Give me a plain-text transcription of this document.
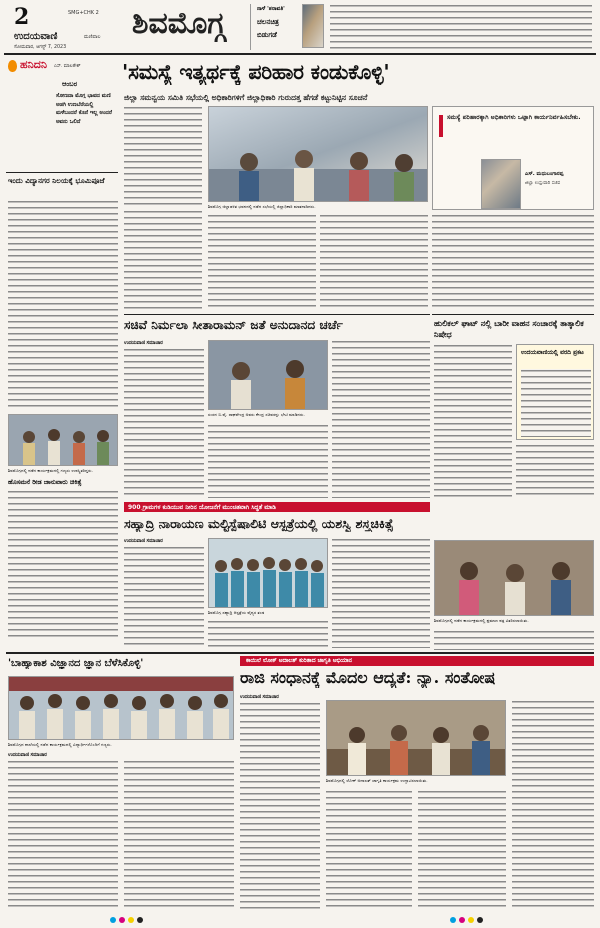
2
ಉದಯವಾಣಿ
SMG+CHK 2
ಮಣಿಪಾಲ
ಸೋಮವಾರ, ಆಗಸ್ಟ್ 7, 2023
ಶಿವಮೊಗ್ಗ	ನಾಳೆ 'ಶರಾವತಿ'
ಚಲನಚಿತ್ರ
ಬಿಡುಗಡೆ
ಹನಿದನಿ ಎಸ್. ಮಾಲತೇಶ್
ಆಂಬರ
ಸೋಣದಾ ಮೊಗ್ಗ ಭಾವದ ಮಣಿ ಅಡಗಿ ಉಣಬೆರೆಯಲ್ಲಿ ಮಳೆಬಂದರೆ ಕೊನೆ ಇಲ್ಲ ಅಂದರೆ ಅವನು ಒಲಿದೆ
'ಸಮಸ್ಯೆ ಇತ್ಯರ್ಥಕ್ಕೆ ಪರಿಹಾರ ಕಂಡುಕೊಳ್ಳಿ'
ಜಿಲ್ಲಾ ಸಮನ್ವಯ ಸಮಿತಿ ಸಭೆಯಲ್ಲಿ ಅಧಿಕಾರಿಗಳಿಗೆ ಜಿಲ್ಲಾಧಿಕಾರಿ ಗುರುದತ್ತ ಹೆಗಡೆ ಕಟ್ಟುನಿಟ್ಟಿನ ಸೂಚನೆ
ಶಿವಮೊಗ್ಗ ಜಿಲ್ಲಾಡಳಿತ ಭವನದಲ್ಲಿ ನಡೆದ ಸಭೆಯಲ್ಲಿ ಜಿಲ್ಲಾಧಿಕಾರಿ ಮಾತನಾಡಿದರು.
ಸಮಸ್ಯೆ ಪರಿಹಾರಕ್ಕಾಗಿ ಅಧಿಕಾರಿಗಳು ಒಟ್ಟಾಗಿ ಕಾರ್ಯನಿರ್ವಹಿಸಬೇಕು.
ಎಸ್. ಮಧುಬಂಗಾರಪ್ಪ
ಜಿಲ್ಲಾ ಉಸ್ತುವಾರಿ ಸಚಿವ
ಇಂದು ವಿದ್ಯಾನಗರ ನಿಲಯಕ್ಕೆ ಭೂಮಿಪೂಜೆ
ಸಚಿವೆ ನಿರ್ಮಲಾ ಸೀತಾರಾಮನ್ ಜತೆ ಅನುದಾನದ ಚರ್ಚೆ
ಉದಯವಾಣಿ ಸಮಾಚಾರ
ಸಂಸದ ಬಿ.ವೈ. ರಾಘವೇಂದ್ರ ಅವರು ಕೇಂದ್ರ ಸಚಿವರನ್ನು ಭೇಟಿ ಮಾಡಿದರು.
ಹುಲಿಕಲ್ ಘಾಟ್ ನಲ್ಲಿ ಬಾರೀ ವಾಹನ ಸಂಚಾರಕ್ಕೆ ತಾತ್ಕಾಲಿಕ ನಿಷೇಧ
ಉದಯವಾಣಿಯಲ್ಲಿ ವರದಿ ಪ್ರಕಟ
ಶಿವಮೊಗ್ಗದಲ್ಲಿ ನಡೆದ ಕಾರ್ಯಕ್ರಮದಲ್ಲಿ ಗಣ್ಯರು ಉಪಸ್ಥಿತರಿದ್ದರು.
ಹೊಸಮನೆ ರೀಡ ಜಾನುವಾರು ಚಿಕಿತ್ಸೆ
900 ಗ್ರಾಮಗಳ ಕುಡಿಯುವ ನೀರಿನ ಯೋಜನೆಗೆ ಮುಂಚಿತವಾಗಿ ಸಿದ್ಧತೆ ಮಾಡಿ
ಸಹ್ಯಾದ್ರಿ ನಾರಾಯಣ ಮಲ್ಟಿಸ್ಪೆಷಾಲಿಟಿ ಆಸ್ಪತ್ರೆಯಲ್ಲಿ ಯಶಸ್ವಿ ಶಸ್ತ್ರಚಿಕಿತ್ಸೆ
ಉದಯವಾಣಿ ಸಮಾಚಾರ
ಶಿವಮೊಗ್ಗ ಸಹ್ಯಾದ್ರಿ ಆಸ್ಪತ್ರೆಯ ವೈದ್ಯರ ತಂಡ
ಶಿವಮೊಗ್ಗದಲ್ಲಿ ನಡೆದ ಕಾರ್ಯಕ್ರಮದಲ್ಲಿ ಪ್ರಮಾಣ ಪತ್ರ ವಿತರಿಸಲಾಯಿತು.
'ಬಾಹ್ಯಾಕಾಶ ವಿಜ್ಞಾನದ ಜ್ಞಾನ ಬೆಳೆಸಿಕೊಳ್ಳಿ'
ಶಿವಮೊಗ್ಗದ ಶಾಲೆಯಲ್ಲಿ ನಡೆದ ಕಾರ್ಯಕ್ರಮದಲ್ಲಿ ವಿದ್ಯಾರ್ಥಿಗಳೊಂದಿಗೆ ಗಣ್ಯರು.
ಉದಯವಾಣಿ ಸಮಾಚಾರ
ಕಾಯಿಲೆ ಲೋಕ್ ಅದಾಲತ್ ಕುರಿತಾದ ಜಾಗೃತಿ ಅಭಿಯಾನ
ರಾಜಿ ಸಂಧಾನಕ್ಕೆ ಮೊದಲ ಆದ್ಯತೆ: ನ್ಯಾ. ಸಂತೋಷ
ಉದಯವಾಣಿ ಸಮಾಚಾರ
ಶಿವಮೊಗ್ಗದಲ್ಲಿ ಲೋಕ್ ಅದಾಲತ್ ಜಾಗೃತಿ ಕಾರ್ಯಕ್ರಮ ಉದ್ಘಾಟಿಸಲಾಯಿತು.
